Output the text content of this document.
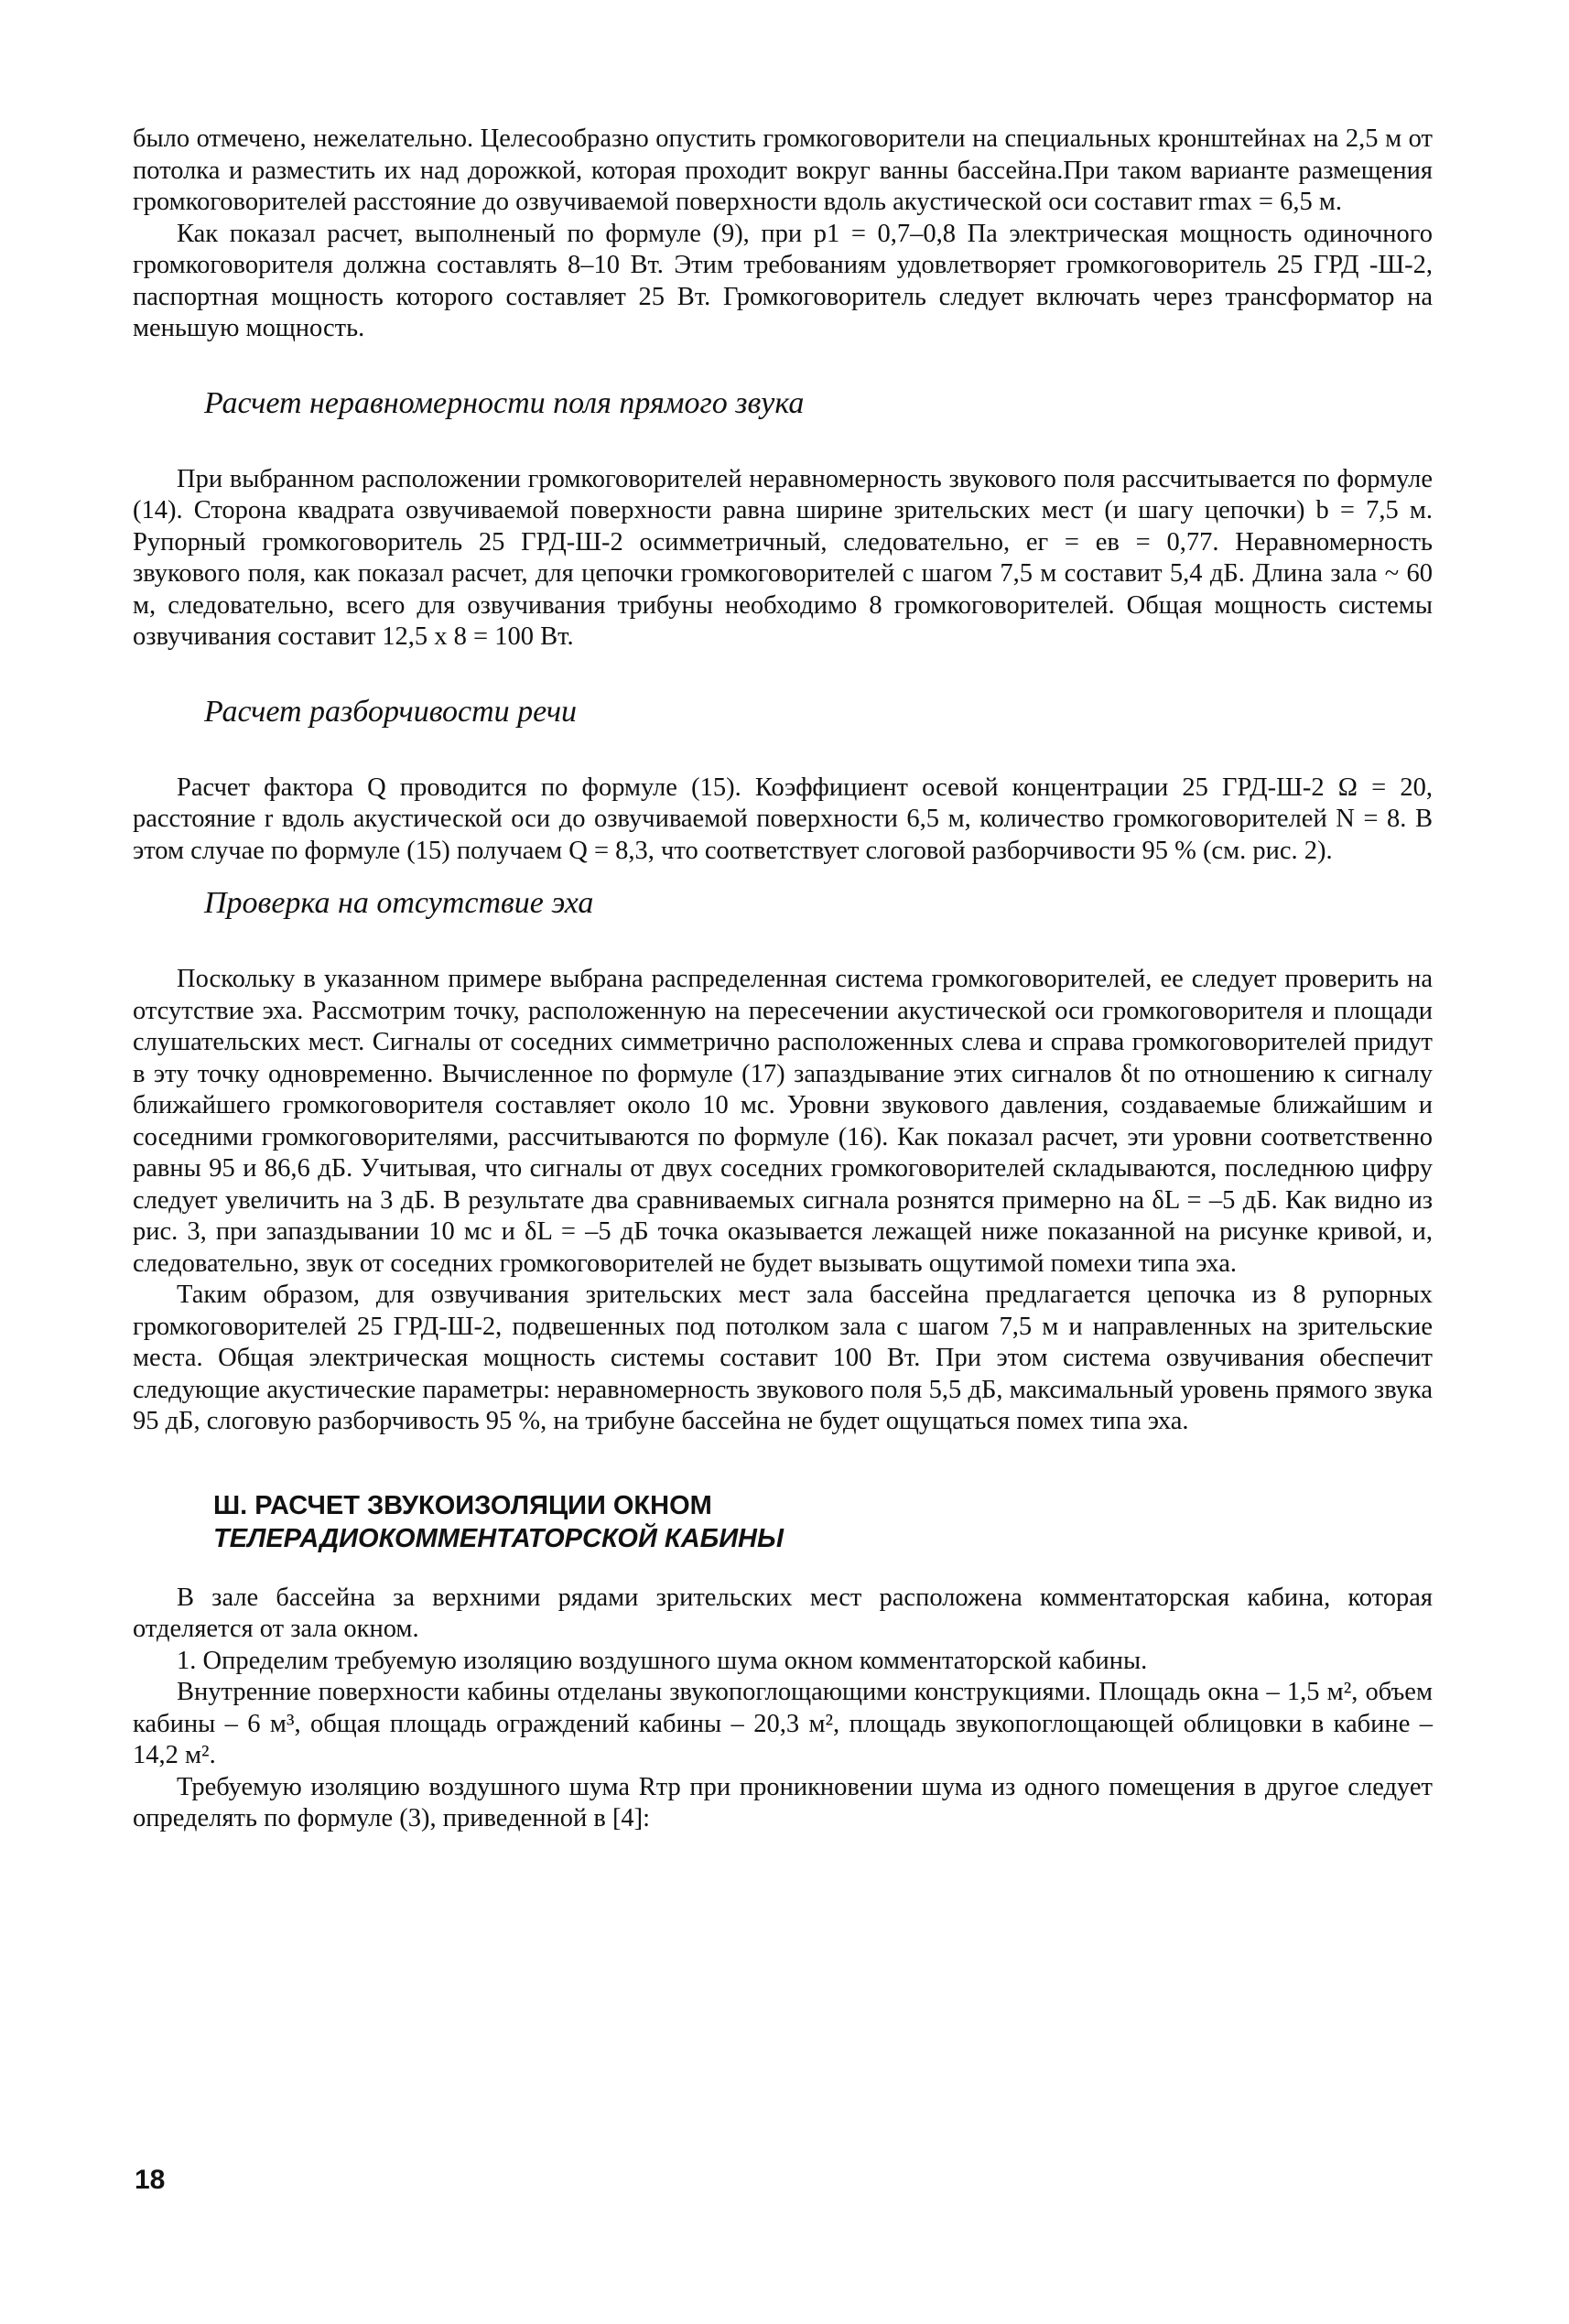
было отмечено, нежелательно. Целесообразно опустить громкоговорители на специальных кронштейнах на 2,5 м от потолка и разместить их над дорожкой, которая проходит вокруг ванны бассейна.При таком варианте размещения громкоговорителей расстояние до озвучиваемой поверхности вдоль акустической оси составит rmax = 6,5 м.

Как показал расчет, выполненый по формуле (9), при p1 = 0,7–0,8 Па электрическая мощность одиночного громкоговорителя должна составлять 8–10 Вт. Этим требованиям удовлетворяет громкоговоритель 25 ГРД -Ш-2, паспортная мощность которого составляет 25 Вт. Громкоговоритель следует включать через трансформатор на меньшую мощность.

Расчет неравномерности поля прямого звука

При выбранном расположении громкоговорителей неравномерность звукового поля рассчитывается по формуле (14). Сторона квадрата озвучиваемой поверхности равна ширине зрительских мест (и шагу цепочки) b = 7,5 м. Рупорный громкоговоритель 25 ГРД-Ш-2 осимметричный, следовательно, eг = eв = 0,77. Неравномерность звукового поля, как показал расчет, для цепочки громкоговорителей с шагом 7,5 м составит 5,4 дБ. Длина зала ~ 60 м, следовательно, всего для озвучивания трибуны необходимо 8 громкоговорителей. Общая мощность системы озвучивания составит 12,5 х 8 = 100 Вт.

Расчет разборчивости речи

Расчет фактора Q проводится по формуле (15). Коэффициент осевой концентрации 25 ГРД-Ш-2 Ω = 20, расстояние r вдоль акустической оси до озвучиваемой поверхности 6,5 м, количество громкоговорителей N = 8. В этом случае по формуле (15) получаем Q = 8,3, что соответствует слоговой разборчивости 95 % (см. рис. 2).

Проверка на отсутствие эха

Поскольку в указанном примере выбрана распределенная система громкоговорителей, ее следует проверить на отсутствие эха. Рассмотрим точку, расположенную на пересечении акустической оси громкоговорителя и площади слушательских мест. Сигналы от соседних симметрично расположенных слева и справа громкоговорителей придут в эту точку одновременно. Вычисленное по формуле (17) запаздывание этих сигналов δt по отношению к сигналу ближайшего громкоговорителя составляет около 10 мс. Уровни звукового давления, создаваемые ближайшим и соседними громкоговорителями, рассчитываются по формуле (16). Как показал расчет, эти уровни соответственно равны 95 и 86,6 дБ. Учитывая, что сигналы от двух соседних громкоговорителей складываются, последнюю цифру следует увеличить на 3 дБ. В результате два сравниваемых сигнала рознятся примерно на δL = –5 дБ. Как видно из рис. 3, при запаздывании 10 мс и δL = –5 дБ точка оказывается лежащей ниже показанной на рисунке кривой, и, следовательно, звук от соседних громкоговорителей не будет вызывать ощутимой помехи типа эха.

Таким образом, для озвучивания зрительских мест зала бассейна предлагается цепочка из 8 рупорных громкоговорителей 25 ГРД-Ш-2, подвешенных под потолком зала с шагом 7,5 м и направленных на зрительские места. Общая электрическая мощность системы составит 100 Вт. При этом система озвучивания обеспечит следующие акустические параметры: неравномерность звукового поля 5,5 дБ, максимальный уровень прямого звука 95 дБ, слоговую разборчивость 95 %, на трибуне бассейна не будет ощущаться помех типа эха.

Ш. РАСЧЕТ ЗВУКОИЗОЛЯЦИИ ОКНОМ
ТЕЛЕРАДИОКОММЕНТАТОРСКОЙ КАБИНЫ

В зале бассейна за верхними рядами зрительских мест расположена комментаторская кабина, которая отделяется от зала окном.

1. Определим требуемую изоляцию воздушного шума окном комментаторской кабины.

Внутренние поверхности кабины отделаны звукопоглощающими конструкциями. Площадь окна – 1,5 м², объем кабины – 6 м³, общая площадь ограждений кабины – 20,3 м², площадь звукопоглощающей облицовки в кабине – 14,2 м².

Требуемую изоляцию воздушного шума Rтр при проникновении шума из одного помещения в другое следует определять по формуле (3), приведенной в [4]:

18
